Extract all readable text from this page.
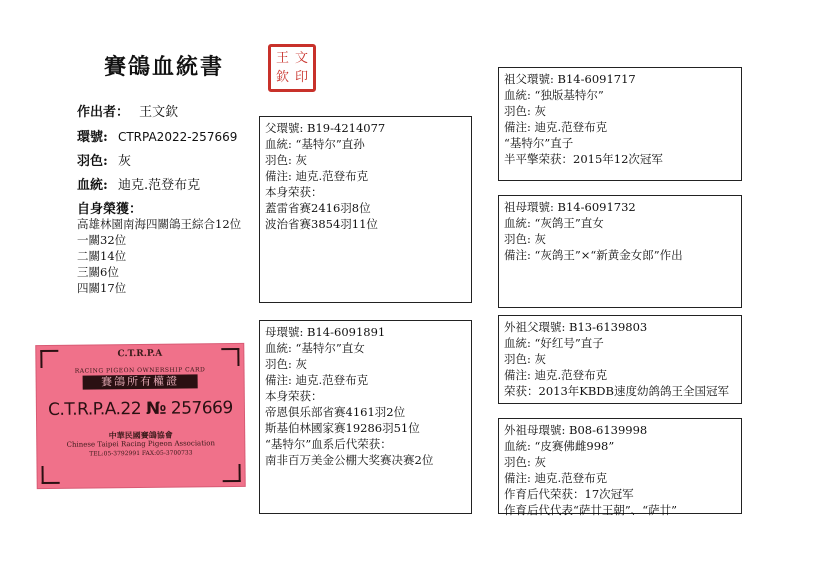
賽鴿血統書	王 文
欽 印
作出者： 王文欽
環號: CTRPA2022-257669
羽色: 灰
血統: 迪克.范登布克
自身榮獲：
高雄林園南海四關鴿王綜合12位
一關32位
二關14位
三關6位
四關17位
C.T.R.P.A
RACING PIGEON OWNERSHIP CARD
賽鴿所有權證
C.T.R.P.A.22 № 257669
中華民國賽鴿協會
Chinese Taipei Racing Pigeon Association
TEL:05-3792991 FAX:05-3700733
父環號: B19-4214077
血統: “基特尔”直孙
羽色: 灰
備注: 迪克.范登布克
本身荣获：
蓋雷省赛2416羽8位
波治省赛3854羽11位
母環號: B14-6091891
血統: “基特尔”直女
羽色: 灰
備注: 迪克.范登布克
本身荣获：
帝恩俱乐部省赛4161羽2位
斯基伯林國家赛19286羽51位
“基特尔”血系后代荣获：
南非百万美金公棚大奖赛决赛2位
祖父環號: B14-6091717
血統: “独版基特尔”
羽色: 灰
備注: 迪克.范登布克
“基特尔”直子
半平擎荣获：2015年12次冠军
祖母環號: B14-6091732
血統: “灰鸽王”直女
羽色: 灰
備注: “灰鸽王”×“新黄金女郎”作出
外祖父環號: B13-6139803
血統: “好红号”直子
羽色: 灰
備注: 迪克.范登布克
荣获：2013年KBDB速度幼鸽鸽王全国冠军
外祖母環號: B08-6139998
血統: “皮赛佛雌998”
羽色: 灰
備注: 迪克.范登布克
作育后代荣获：17次冠军
作育后代代表“萨廿王朝”、“萨廿”
